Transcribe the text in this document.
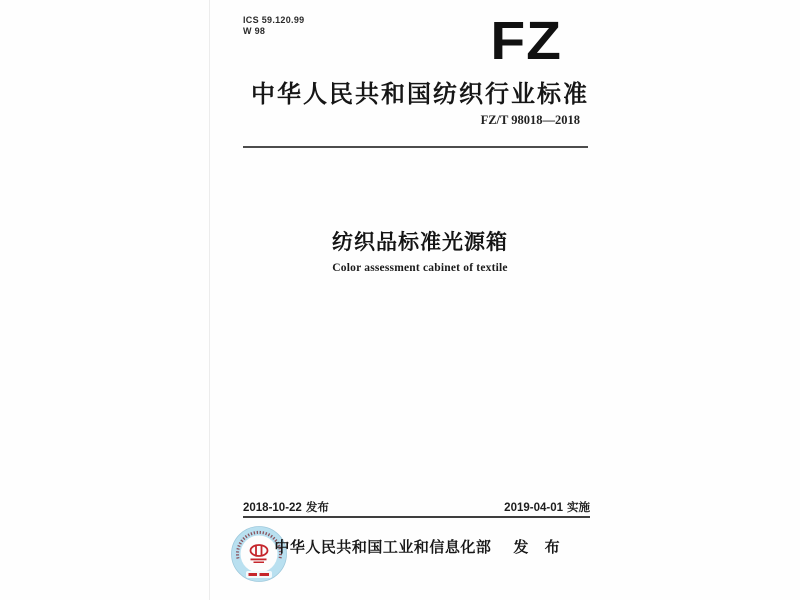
ICS 59.120.99
W 98	FZ
中华人民共和国纺织行业标准
FZ/T 98018—2018
纺织品标准光源箱
Color assessment cabinet of textile
2018-10-22 发布	2019-04-01 实施
中华人民共和国工业和信息化部 发 布
